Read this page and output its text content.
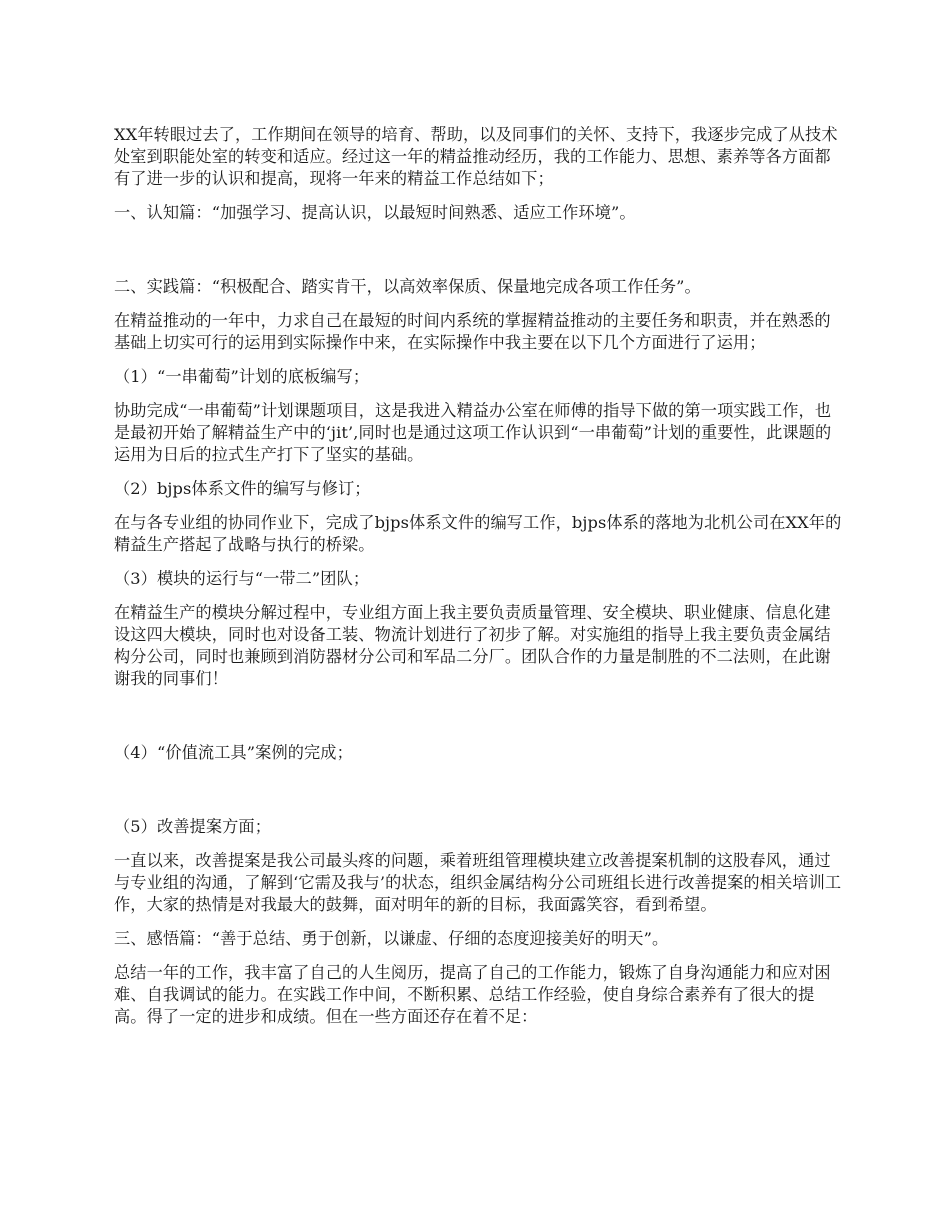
XX年转眼过去了，工作期间在领导的培育、帮助，以及同事们的关怀、支持下，我逐步完成了从技术处室到职能处室的转变和适应。经过这一年的精益推动经历，我的工作能力、思想、素养等各方面都有了进一步的认识和提高，现将一年来的精益工作总结如下；

一、认知篇：“加强学习、提高认识，以最短时间熟悉、适应工作环境”。

二、实践篇：“积极配合、踏实肯干，以高效率保质、保量地完成各项工作任务”。

在精益推动的一年中，力求自己在最短的时间内系统的掌握精益推动的主要任务和职责，并在熟悉的基础上切实可行的运用到实际操作中来，在实际操作中我主要在以下几个方面进行了运用；

（1）“一串葡萄”计划的底板编写；

协助完成“一串葡萄”计划课题项目，这是我进入精益办公室在师傅的指导下做的第一项实践工作，也是最初开始了解精益生产中的‘jit’,同时也是通过这项工作认识到“一串葡萄”计划的重要性，此课题的运用为日后的拉式生产打下了坚实的基础。

（2）bjps体系文件的编写与修订；

在与各专业组的协同作业下，完成了bjps体系文件的编写工作，bjps体系的落地为北机公司在XX年的精益生产搭起了战略与执行的桥梁。

（3）模块的运行与“一带二”团队；

在精益生产的模块分解过程中，专业组方面上我主要负责质量管理、安全模块、职业健康、信息化建设这四大模块，同时也对设备工装、物流计划进行了初步了解。对实施组的指导上我主要负责金属结构分公司，同时也兼顾到消防器材分公司和军品二分厂。团队合作的力量是制胜的不二法则，在此谢谢我的同事们！

（4）“价值流工具”案例的完成；

（5）改善提案方面；

一直以来，改善提案是我公司最头疼的问题，乘着班组管理模块建立改善提案机制的这股春风，通过与专业组的沟通，了解到‘它需及我与’的状态，组织金属结构分公司班组长进行改善提案的相关培训工作，大家的热情是对我最大的鼓舞，面对明年的新的目标，我面露笑容，看到希望。

三、感悟篇：“善于总结、勇于创新，以谦虚、仔细的态度迎接美好的明天”。

总结一年的工作，我丰富了自己的人生阅历，提高了自己的工作能力，锻炼了自身沟通能力和应对困难、自我调试的能力。在实践工作中间，不断积累、总结工作经验，使自身综合素养有了很大的提高。得了一定的进步和成绩。但在一些方面还存在着不足：
